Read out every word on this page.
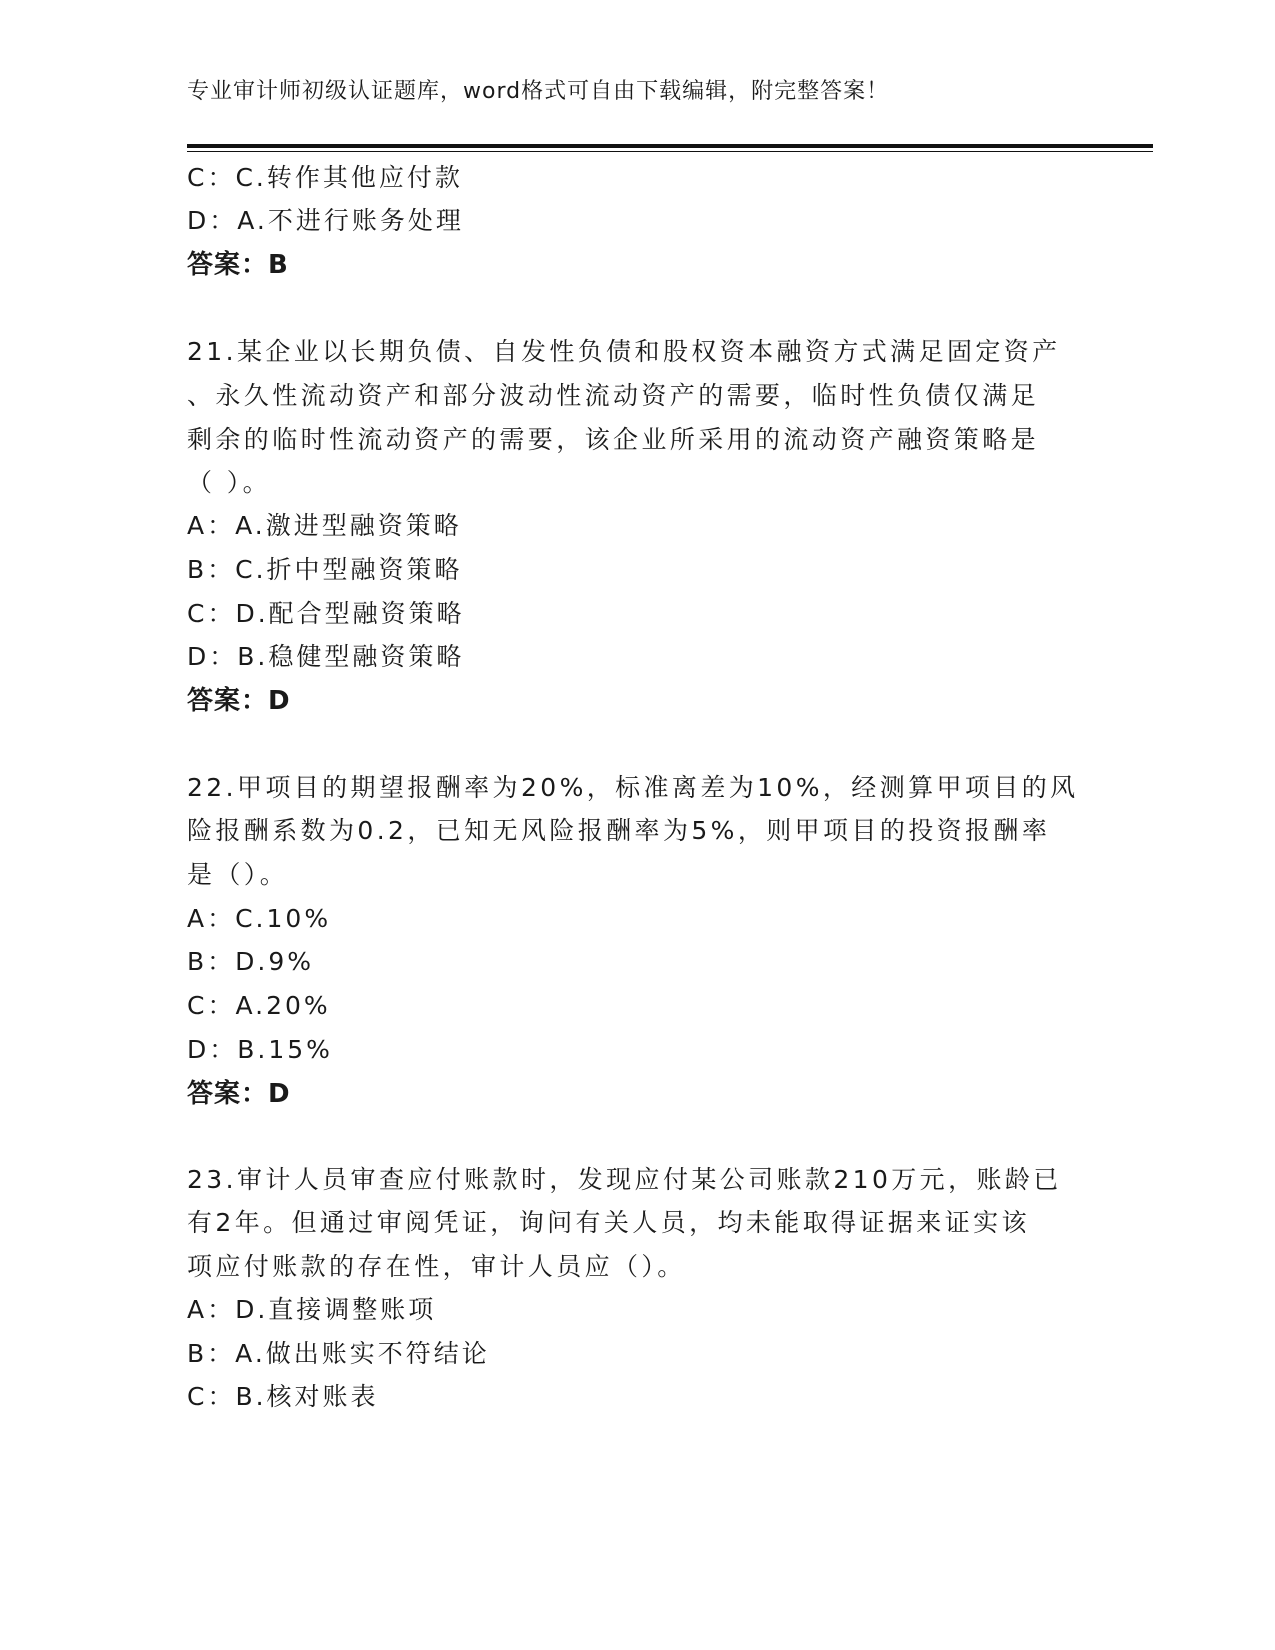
专业审计师初级认证题库，word格式可自由下载编辑，附完整答案！
C：C.转作其他应付款
D：A.不进行账务处理
答案：B
21.某企业以长期负债、自发性负债和股权资本融资方式满足固定资产
、永久性流动资产和部分波动性流动资产的需要，临时性负债仅满足
剩余的临时性流动资产的需要，该企业所采用的流动资产融资策略是
（ ）。
A：A.激进型融资策略
B：C.折中型融资策略
C：D.配合型融资策略
D：B.稳健型融资策略
答案：D
22.甲项目的期望报酬率为20%，标准离差为10%，经测算甲项目的风
险报酬系数为0.2，已知无风险报酬率为5%，则甲项目的投资报酬率
是（）。
A：C.10%
B：D.9%
C：A.20%
D：B.15%
答案：D
23.审计人员审查应付账款时，发现应付某公司账款210万元，账龄已
有2年。但通过审阅凭证，询问有关人员，均未能取得证据来证实该
项应付账款的存在性，审计人员应（）。
A：D.直接调整账项
B：A.做出账实不符结论
C：B.核对账表
